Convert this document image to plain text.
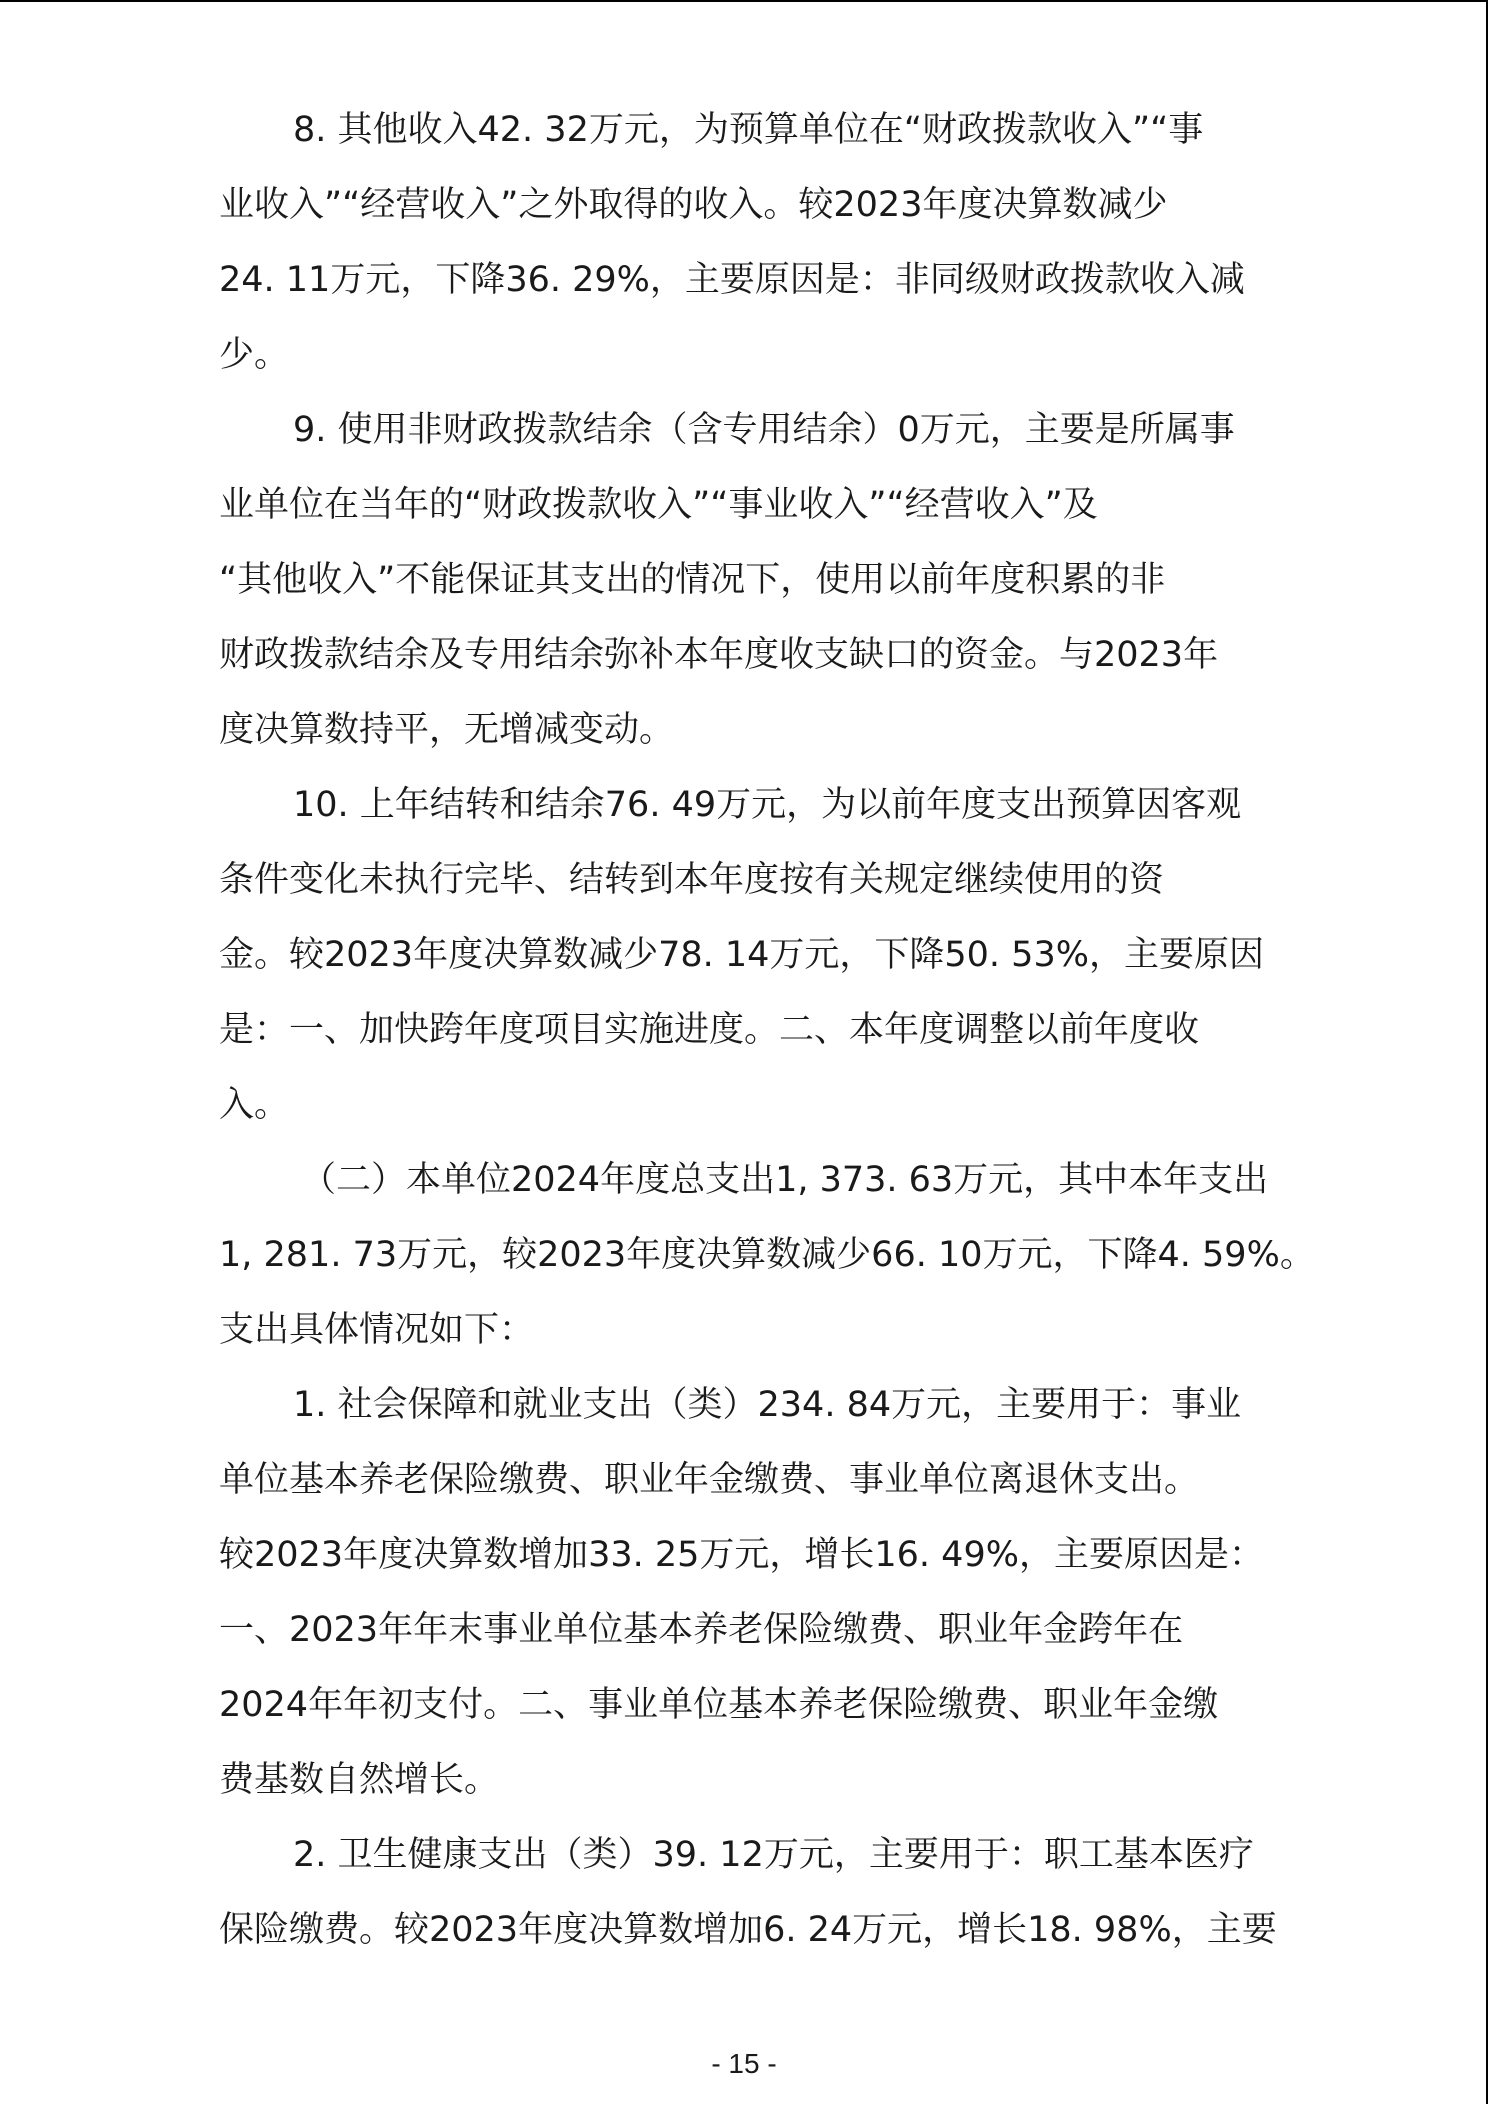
8. 其他收入42. 32万元，为预算单位在“财政拨款收入”“事
业收入”“经营收入”之外取得的收入。较2023年度决算数减少
24. 11万元，下降36. 29%，主要原因是：非同级财政拨款收入减
少。
9. 使用非财政拨款结余（含专用结余）0万元，主要是所属事
业单位在当年的“财政拨款收入”“事业收入”“经营收入”及
“其他收入”不能保证其支出的情况下，使用以前年度积累的非
财政拨款结余及专用结余弥补本年度收支缺口的资金。与2023年
度决算数持平，无增减变动。
10. 上年结转和结余76. 49万元，为以前年度支出预算因客观
条件变化未执行完毕、结转到本年度按有关规定继续使用的资
金。较2023年度决算数减少78. 14万元，下降50. 53%，主要原因
是：一、加快跨年度项目实施进度。二、本年度调整以前年度收
入。
（二）本单位2024年度总支出1, 373. 63万元，其中本年支出
1, 281. 73万元，较2023年度决算数减少66. 10万元，下降4. 59%。
支出具体情况如下：
1. 社会保障和就业支出（类）234. 84万元，主要用于：事业
单位基本养老保险缴费、职业年金缴费、事业单位离退休支出。
较2023年度决算数增加33. 25万元，增长16. 49%，主要原因是：
一、2023年年末事业单位基本养老保险缴费、职业年金跨年在
2024年年初支付。二、事业单位基本养老保险缴费、职业年金缴
费基数自然增长。
2. 卫生健康支出（类）39. 12万元，主要用于：职工基本医疗
保险缴费。较2023年度决算数增加6. 24万元，增长18. 98%，主要
- 15 -
